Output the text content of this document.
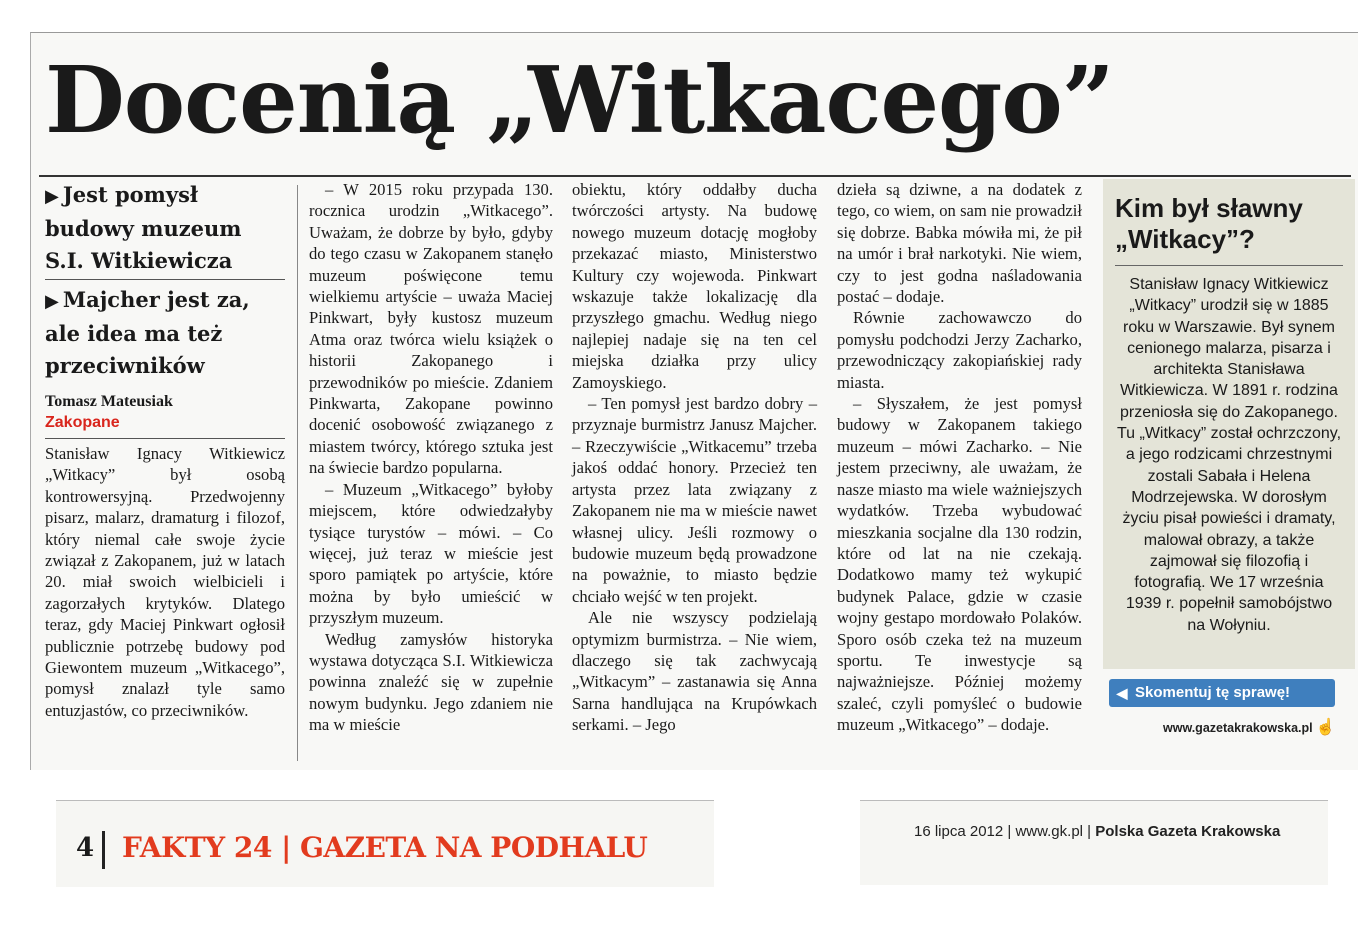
Docenią „Witkacego”

▶ Jest pomysł budowy muzeum S.I. Witkiewicza

▶ Majcher jest za, ale idea ma też przeciwników

Tomasz Mateusiak
Zakopane

Stanisław Ignacy Witkiewicz „Witkacy” był osobą kontrowersyjną. Przedwojenny pisarz, malarz, dramaturg i filozof, który niemal całe swoje życie związał z Zakopanem, już w latach 20. miał swoich wielbicieli i zagorzałych krytyków. Dlatego teraz, gdy Maciej Pinkwart ogłosił publicznie potrzebę budowy pod Giewontem muzeum „Witkacego”, pomysł znalazł tyle samo entuzjastów, co przeciwników.

– W 2015 roku przypada 130. rocznica urodzin „Witkacego”. Uważam, że dobrze by było, gdyby do tego czasu w Zakopanem stanęło muzeum poświęcone temu wielkiemu artyście – uważa Maciej Pinkwart, były kustosz muzeum Atma oraz twórca wielu książek o historii Zakopanego i przewodników po mieście. Zdaniem Pinkwarta, Zakopane powinno docenić osobowość związanego z miastem twórcy, którego sztuka jest na świecie bardzo popularna.

– Muzeum „Witkacego” byłoby miejscem, które odwiedzałyby tysiące turystów – mówi. – Co więcej, już teraz w mieście jest sporo pamiątek po artyście, które można by było umieścić w przyszłym muzeum.

Według zamysłów historyka wystawa dotycząca S.I. Witkiewicza powinna znaleźć się w zupełnie nowym budynku. Jego zdaniem nie ma w mieście

obiektu, który oddałby ducha twórczości artysty. Na budowę nowego muzeum dotację mogłoby przekazać miasto, Ministerstwo Kultury czy wojewoda. Pinkwart wskazuje także lokalizację dla przyszłego gmachu. Według niego najlepiej nadaje się na ten cel miejska działka przy ulicy Zamoyskiego.

– Ten pomysł jest bardzo dobry – przyznaje burmistrz Janusz Majcher. – Rzeczywiście „Witkacemu” trzeba jakoś oddać honory. Przecież ten artysta przez lata związany z Zakopanem nie ma w mieście nawet własnej ulicy. Jeśli rozmowy o budowie muzeum będą prowadzone na poważnie, to miasto będzie chciało wejść w ten projekt.

Ale nie wszyscy podzielają optymizm burmistrza. – Nie wiem, dlaczego się tak zachwycają „Witkacym” – zastanawia się Anna Sarna handlująca na Krupówkach serkami. – Jego

dzieła są dziwne, a na dodatek z tego, co wiem, on sam nie prowadził się dobrze. Babka mówiła mi, że pił na umór i brał narkotyki. Nie wiem, czy to jest godna naśladowania postać – dodaje.

Równie zachowawczo do pomysłu podchodzi Jerzy Zacharko, przewodniczący zakopiańskiej rady miasta.

– Słyszałem, że jest pomysł budowy w Zakopanem takiego muzeum – mówi Zacharko. – Nie jestem przeciwny, ale uważam, że nasze miasto ma wiele ważniejszych wydatków. Trzeba wybudować mieszkania socjalne dla 130 rodzin, które od lat na nie czekają. Dodatkowo mamy też wykupić budynek Palace, gdzie w czasie wojny gestapo mordowało Polaków. Sporo osób czeka też na muzeum sportu. Te inwestycje są najważniejsze. Później możemy szaleć, czyli pomyśleć o budowie muzeum „Witkacego” – dodaje.

Kim był sławny „Witkacy”?

Stanisław Ignacy Witkiewicz „Witkacy” urodził się w 1885 roku w Warszawie. Był synem cenionego malarza, pisarza i architekta Stanisława Witkiewicza. W 1891 r. rodzina przeniosła się do Zakopanego. Tu „Witkacy” został ochrzczony, a jego rodzicami chrzestnymi zostali Sabała i Helena Modrzejewska. W dorosłym życiu pisał powieści i dramaty, malował obrazy, a także zajmował się filozofią i fotografią. We 17 września 1939 r. popełnił samobójstwo na Wołyniu.

◀ Skomentuj tę sprawę!
www.gazetakrakowska.pl ☝
4 FAKTY 24 | GAZETA NA PODHALU	16 lipca 2012 | www.gk.pl | Polska Gazeta Krakowska
